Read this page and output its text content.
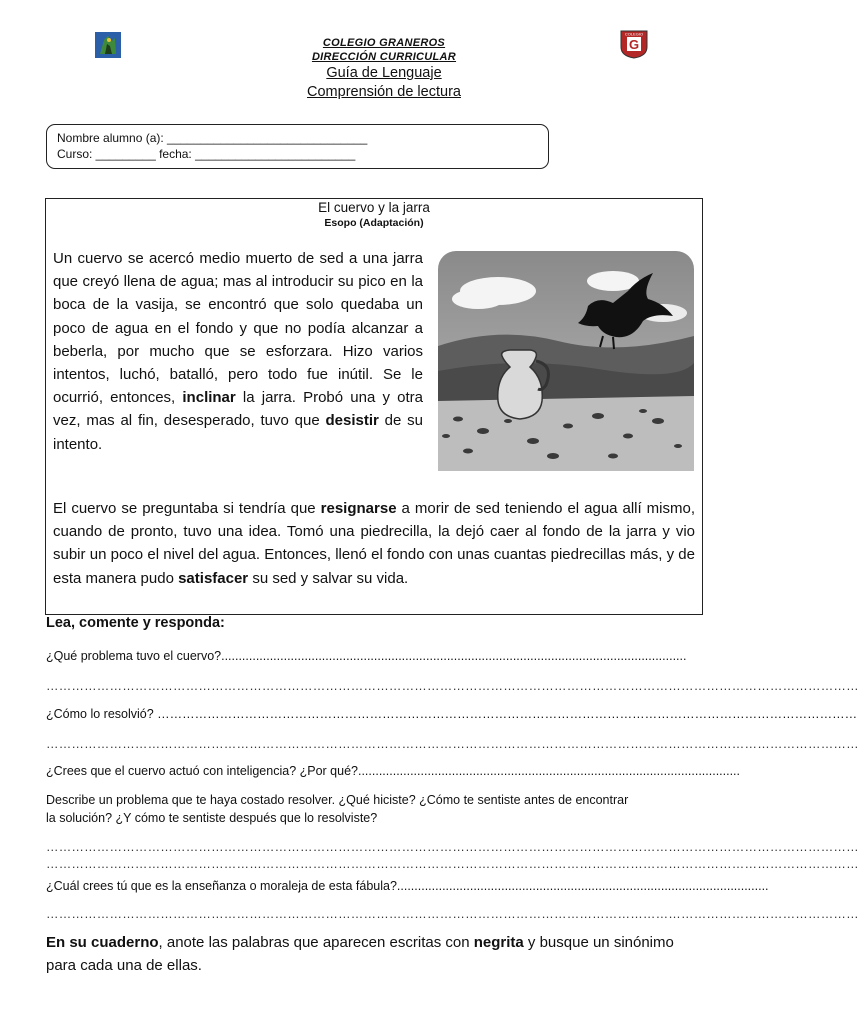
G
COLEGIO
COLEGIO GRANEROS
DIRECCIÓN CURRICULAR
Guía de Lenguaje
Comprensión de lectura
Nombre alumno (a): ______________________________
Curso: _________ fecha: ________________________
El cuervo y la jarra
Esopo (Adaptación)
Un cuervo se acercó medio muerto de sed a una jarra que creyó llena de agua; mas al introducir su pico en la boca de la vasija, se encontró que solo quedaba un poco de agua en el fondo y que no podía alcanzar a beberla, por mucho que se esforzara. Hizo varios intentos, luchó, batalló, pero todo fue inútil. Se le ocurrió, entonces, inclinar la jarra. Probó una y otra vez, mas al fin, desesperado, tuvo que desistir de su intento.
El cuervo se preguntaba si tendría que resignarse a morir de sed teniendo el agua allí mismo, cuando de pronto, tuvo una idea. Tomó una piedrecilla, la dejó caer al fondo de la jarra y vio subir un poco el nivel del agua. Entonces, llenó el fondo con unas cuantas piedrecillas más, y de esta manera pudo satisfacer su sed y salvar su vida.
Lea, comente y responda:
¿Qué problema tuvo el cuervo?......................................................................................................................................
…………………………………………………………………………………………………………………………………………………………………………
¿Cómo lo resolvió? ……………………………………………………………………………………………………………………………………………………
…………………………………………………………………………………………………………………………………………………………………………
¿Crees que el cuervo actuó con inteligencia? ¿Por qué?..............................................................................................................
Describe un problema que te haya costado resolver. ¿Qué hiciste? ¿Cómo te sentiste antes de encontrar
la solución? ¿Y cómo te sentiste después que lo resolviste?
…………………………………………………………………………………………………………………………………………………………………………
…………………………………………………………………………………………………………………………………………………………………………
¿Cuál crees tú que es la enseñanza o moraleja de esta fábula?...........................................................................................................
…………………………………………………………………………………………………………………………………………………………………………
En su cuaderno, anote las palabras que aparecen escritas con negrita y busque un sinónimo para cada una de ellas.
